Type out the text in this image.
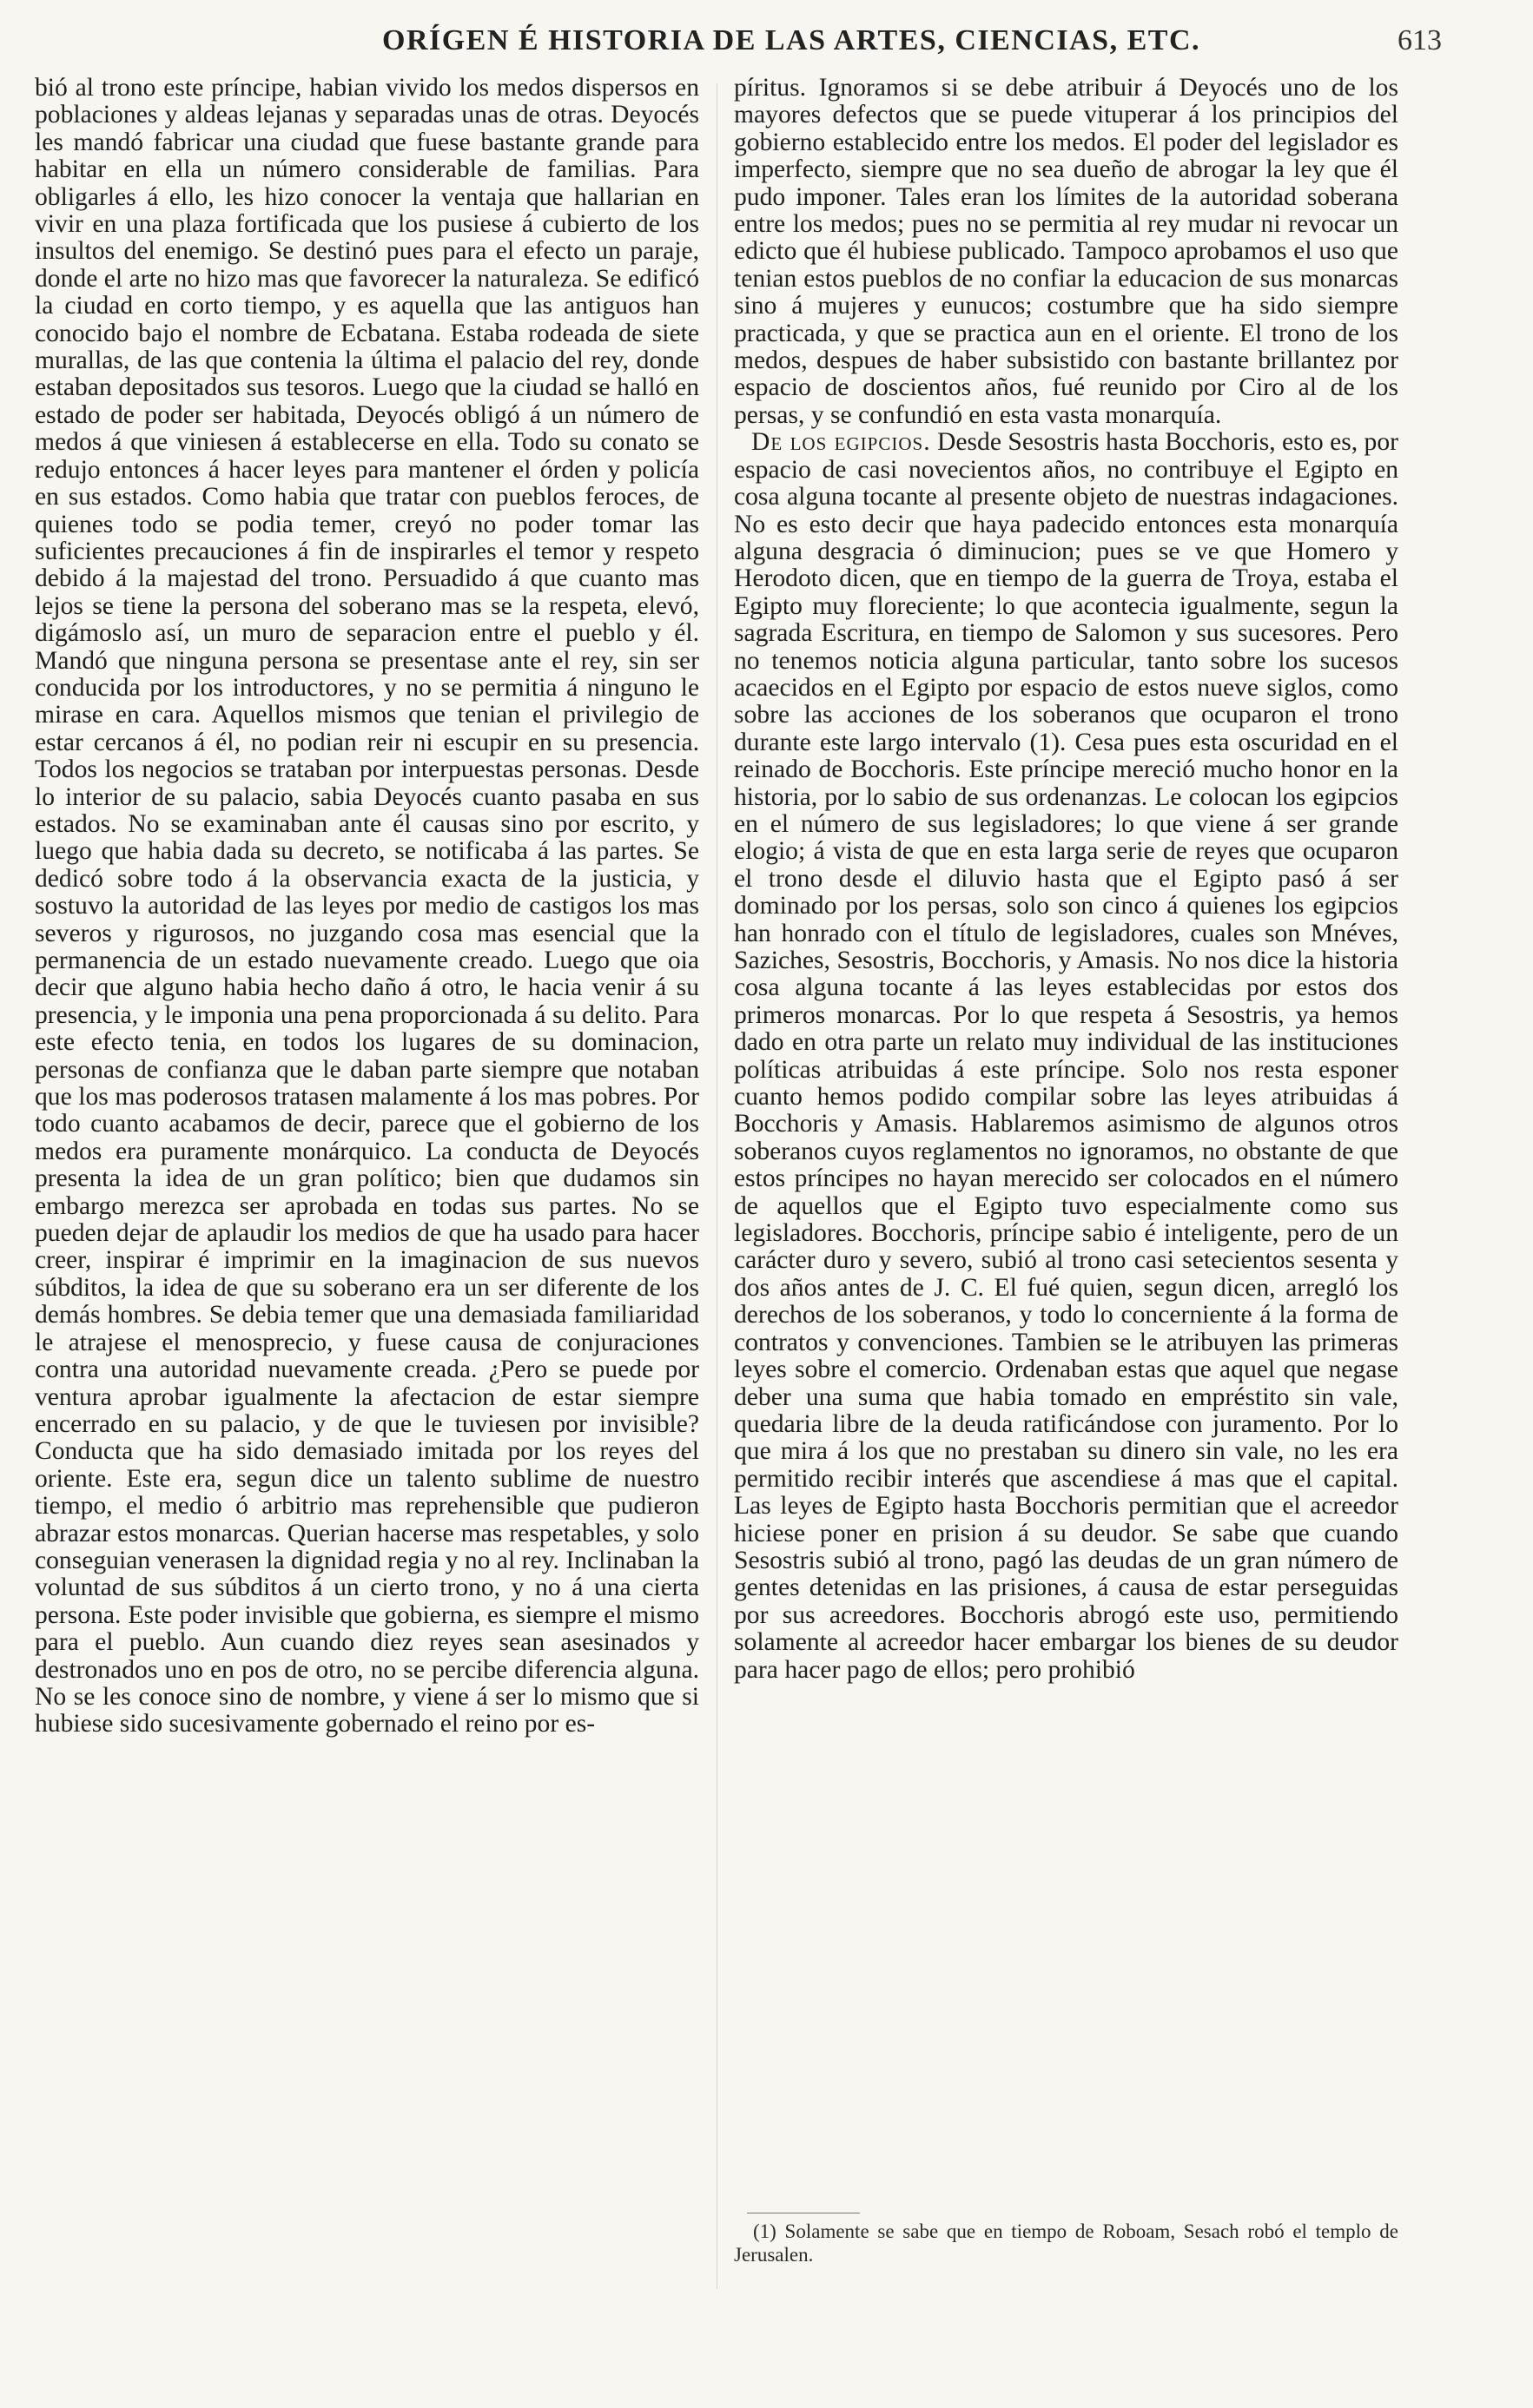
ORÍGEN É HISTORIA DE LAS ARTES, CIENCIAS, ETC.	613

bió al trono este príncipe, habian vivido los medos dispersos en poblaciones y aldeas lejanas y separadas unas de otras. Deyocés les mandó fabricar una ciudad que fuese bastante grande para habitar en ella un número considerable de familias. Para obligarles á ello, les hizo conocer la ventaja que hallarian en vivir en una plaza fortificada que los pusiese á cubierto de los insultos del enemigo. Se destinó pues para el efecto un paraje, donde el arte no hizo mas que favorecer la naturaleza. Se edificó la ciudad en corto tiempo, y es aquella que las antiguos han conocido bajo el nombre de Ecbatana. Estaba rodeada de siete murallas, de las que contenia la última el palacio del rey, donde estaban depositados sus tesoros. Luego que la ciudad se halló en estado de poder ser habitada, Deyocés obligó á un número de medos á que viniesen á establecerse en ella. Todo su conato se redujo entonces á hacer leyes para mantener el órden y policía en sus estados. Como habia que tratar con pueblos feroces, de quienes todo se podia temer, creyó no poder tomar las suficientes precauciones á fin de inspirarles el temor y respeto debido á la majestad del trono. Persuadido á que cuanto mas lejos se tiene la persona del soberano mas se la respeta, elevó, digámoslo así, un muro de separacion entre el pueblo y él. Mandó que ninguna persona se presentase ante el rey, sin ser conducida por los introductores, y no se permitia á ninguno le mirase en cara. Aquellos mismos que tenian el privilegio de estar cercanos á él, no podian reir ni escupir en su presencia. Todos los negocios se trataban por interpuestas personas. Desde lo interior de su palacio, sabia Deyocés cuanto pasaba en sus estados. No se examinaban ante él causas sino por escrito, y luego que habia dada su decreto, se notificaba á las partes. Se dedicó sobre todo á la observancia exacta de la justicia, y sostuvo la autoridad de las leyes por medio de castigos los mas severos y rigurosos, no juzgando cosa mas esencial que la permanencia de un estado nuevamente creado. Luego que oia decir que alguno habia hecho daño á otro, le hacia venir á su presencia, y le imponia una pena proporcionada á su delito. Para este efecto tenia, en todos los lugares de su dominacion, personas de confianza que le daban parte siempre que notaban que los mas poderosos tratasen malamente á los mas pobres. Por todo cuanto acabamos de decir, parece que el gobierno de los medos era puramente monárquico. La conducta de Deyocés presenta la idea de un gran político; bien que dudamos sin embargo merezca ser aprobada en todas sus partes. No se pueden dejar de aplaudir los medios de que ha usado para hacer creer, inspirar é imprimir en la imaginacion de sus nuevos súbditos, la idea de que su soberano era un ser diferente de los demás hombres. Se debia temer que una demasiada familiaridad le atrajese el menosprecio, y fuese causa de conjuraciones contra una autoridad nuevamente creada. ¿Pero se puede por ventura aprobar igualmente la afectacion de estar siempre encerrado en su palacio, y de que le tuviesen por invisible? Conducta que ha sido demasiado imitada por los reyes del oriente. Este era, segun dice un talento sublime de nuestro tiempo, el medio ó arbitrio mas reprehensible que pudieron abrazar estos monarcas. Querian hacerse mas respetables, y solo conseguian venerasen la dignidad regia y no al rey. Inclinaban la voluntad de sus súbditos á un cierto trono, y no á una cierta persona. Este poder invisible que gobierna, es siempre el mismo para el pueblo. Aun cuando diez reyes sean asesinados y destronados uno en pos de otro, no se percibe diferencia alguna. No se les conoce sino de nombre, y viene á ser lo mismo que si hubiese sido sucesivamente gobernado el reino por es-

píritus. Ignoramos si se debe atribuir á Deyocés uno de los mayores defectos que se puede vituperar á los principios del gobierno establecido entre los medos. El poder del legislador es imperfecto, siempre que no sea dueño de abrogar la ley que él pudo imponer. Tales eran los límites de la autoridad soberana entre los medos; pues no se permitia al rey mudar ni revocar un edicto que él hubiese publicado. Tampoco aprobamos el uso que tenian estos pueblos de no confiar la educacion de sus monarcas sino á mujeres y eunucos; costumbre que ha sido siempre practicada, y que se practica aun en el oriente. El trono de los medos, despues de haber subsistido con bastante brillantez por espacio de doscientos años, fué reunido por Ciro al de los persas, y se confundió en esta vasta monarquía.

De los egipcios. Desde Sesostris hasta Bocchoris, esto es, por espacio de casi novecientos años, no contribuye el Egipto en cosa alguna tocante al presente objeto de nuestras indagaciones. No es esto decir que haya padecido entonces esta monarquía alguna desgracia ó diminucion; pues se ve que Homero y Herodoto dicen, que en tiempo de la guerra de Troya, estaba el Egipto muy floreciente; lo que acontecia igualmente, segun la sagrada Escritura, en tiempo de Salomon y sus sucesores. Pero no tenemos noticia alguna particular, tanto sobre los sucesos acaecidos en el Egipto por espacio de estos nueve siglos, como sobre las acciones de los soberanos que ocuparon el trono durante este largo intervalo (1). Cesa pues esta oscuridad en el reinado de Bocchoris. Este príncipe mereció mucho honor en la historia, por lo sabio de sus ordenanzas. Le colocan los egipcios en el número de sus legisladores; lo que viene á ser grande elogio; á vista de que en esta larga serie de reyes que ocuparon el trono desde el diluvio hasta que el Egipto pasó á ser dominado por los persas, solo son cinco á quienes los egipcios han honrado con el título de legisladores, cuales son Mnéves, Saziches, Sesostris, Bocchoris, y Amasis. No nos dice la historia cosa alguna tocante á las leyes establecidas por estos dos primeros monarcas. Por lo que respeta á Sesostris, ya hemos dado en otra parte un relato muy individual de las instituciones políticas atribuidas á este príncipe. Solo nos resta esponer cuanto hemos podido compilar sobre las leyes atribuidas á Bocchoris y Amasis. Hablaremos asimismo de algunos otros soberanos cuyos reglamentos no ignoramos, no obstante de que estos príncipes no hayan merecido ser colocados en el número de aquellos que el Egipto tuvo especialmente como sus legisladores. Bocchoris, príncipe sabio é inteligente, pero de un carácter duro y severo, subió al trono casi setecientos sesenta y dos años antes de J. C. El fué quien, segun dicen, arregló los derechos de los soberanos, y todo lo concerniente á la forma de contratos y convenciones. Tambien se le atribuyen las primeras leyes sobre el comercio. Ordenaban estas que aquel que negase deber una suma que habia tomado en empréstito sin vale, quedaria libre de la deuda ratificándose con juramento. Por lo que mira á los que no prestaban su dinero sin vale, no les era permitido recibir interés que ascendiese á mas que el capital. Las leyes de Egipto hasta Bocchoris permitian que el acreedor hiciese poner en prision á su deudor. Se sabe que cuando Sesostris subió al trono, pagó las deudas de un gran número de gentes detenidas en las prisiones, á causa de estar perseguidas por sus acreedores. Bocchoris abrogó este uso, permitiendo solamente al acreedor hacer embargar los bienes de su deudor para hacer pago de ellos; pero prohibió

(1) Solamente se sabe que en tiempo de Roboam, Sesach robó el templo de Jerusalen.
